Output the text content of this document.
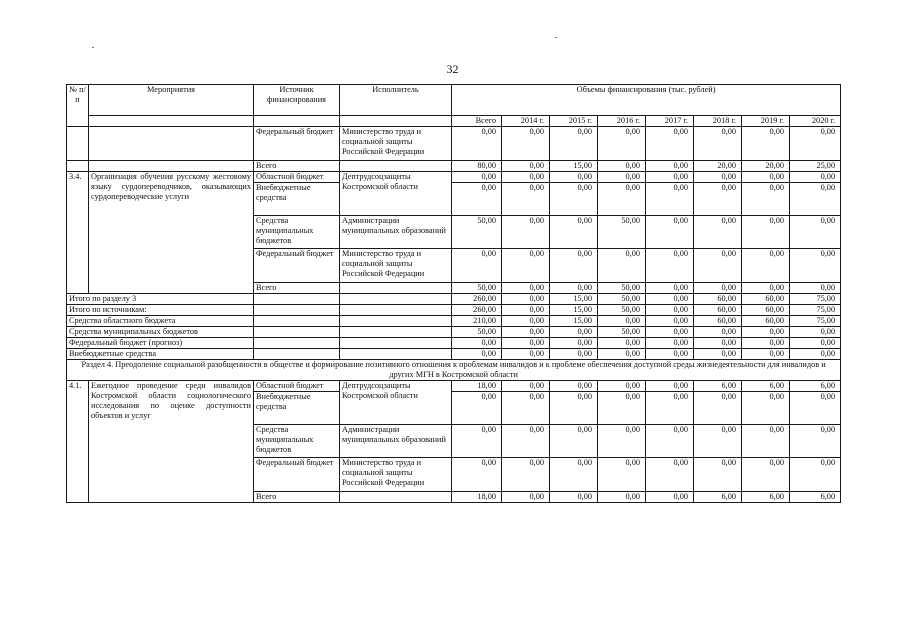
32
№ п/п	Мероприятия	Источник финансирования	Исполнитель	Объемы финансирования (тыс. рублей)							
				Всего	2014 г.	2015 г.	2016 г.	2017 г.	2018 г.	2019 г.	2020 г.
		Федеральный бюджет	Министерство труда и социальной защиты Российской Федерации	0,00	0,00	0,00	0,00	0,00	0,00	0,00	0,00
		Всего		80,00	0,00	15,00	0,00	0,00	20,00	20,00	25,00
3.4.	Организация обучения русскому жестовому языку сурдопереводчиков, оказывающих сурдопереводческие услуги	Областной бюджет	Деnтрудсоцзащиты Костромской области	0,00	0,00	0,00	0,00	0,00	0,00	0,00	0,00
		Внебюджетные средства		0,00	0,00	0,00	0,00	0,00	0,00	0,00	0,00
		Средства муниципальных бюджетов	Администрации муниципальных образований	50,00	0,00	0,00	50,00	0,00	0,00	0,00	0,00
		Федеральный бюджет	Министерство труда и социальной защиты Российской Федерации	0,00	0,00	0,00	0,00	0,00	0,00	0,00	0,00
		Всего		50,00	0,00	0,00	50,00	0,00	0,00	0,00	0,00
Итого по разделу 3				260,00	0,00	15,00	50,00	0,00	60,00	60,00	75,00
Итого по источникам:				260,00	0,00	15,00	50,00	0,00	60,00	60,00	75,00
Средства областного бюджета				210,00	0,00	15,00	0,00	0,00	60,00	60,00	75,00
Средства муниципальных бюджетов				50,00	0,00	0,00	50,00	0,00	0,00	0,00	0,00
Федеральный бюджет (прогноз)				0,00	0,00	0,00	0,00	0,00	0,00	0,00	0,00
Внебюджетные средства				0,00	0,00	0,00	0,00	0,00	0,00	0,00	0,00
Раздел 4. Преодоление социальной разобщенности в обществе и формирование позитивного отношения к проблемам инвалидов и к проблеме обеспечения доступной среды жизнедеятельности для инвалидов и других МГН в Костромской области											
4.1.	Ежегодное проведение среди инвалидов Костромской области социологического исследования по оценке доступности объектов и услуг	Областной бюджет	Деnтрудсоцзащиты Костромской области	18,00	0,00	0,00	0,00	0,00	6,00	6,00	6,00
		Внебюджетные средства		0,00	0,00	0,00	0,00	0,00	0,00	0,00	0,00
		Средства муниципальных бюджетов	Администрации муниципальных образований	0,00	0,00	0,00	0,00	0,00	0,00	0,00	0,00
		Федеральный бюджет	Министерство труда и социальной защиты Российской Федерации	0,00	0,00	0,00	0,00	0,00	0,00	0,00	0,00
		Всего		18,00	0,00	0,00	0,00	0,00	6,00	6,00	6,00
